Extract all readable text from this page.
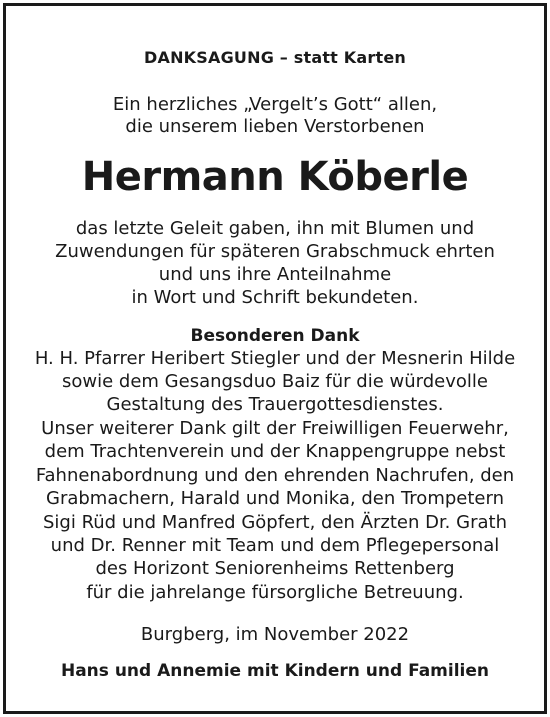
DANKSAGUNG – statt Karten
Ein herzliches „Vergelt’s Gott“ allen,
die unserem lieben Verstorbenen
Hermann Köberle
das letzte Geleit gaben, ihn mit Blumen und
Zuwendungen für späteren Grabschmuck ehrten
und uns ihre Anteilnahme
in Wort und Schrift bekundeten.
Besonderen Dank
H. H. Pfarrer Heribert Stiegler und der Mesnerin Hilde
sowie dem Gesangsduo Baiz für die würdevolle
Gestaltung des Trauergottesdienstes.
Unser weiterer Dank gilt der Freiwilligen Feuerwehr,
dem Trachtenverein und der Knappengruppe nebst
Fahnenabordnung und den ehrenden Nachrufen, den
Grabmachern, Harald und Monika, den Trompetern
Sigi Rüd und Manfred Göpfert, den Ärzten Dr. Grath
und Dr. Renner mit Team und dem Pflegepersonal
des Horizont Seniorenheims Rettenberg
für die jahrelange fürsorgliche Betreuung.
Burgberg, im November 2022
Hans und Annemie mit Kindern und Familien
